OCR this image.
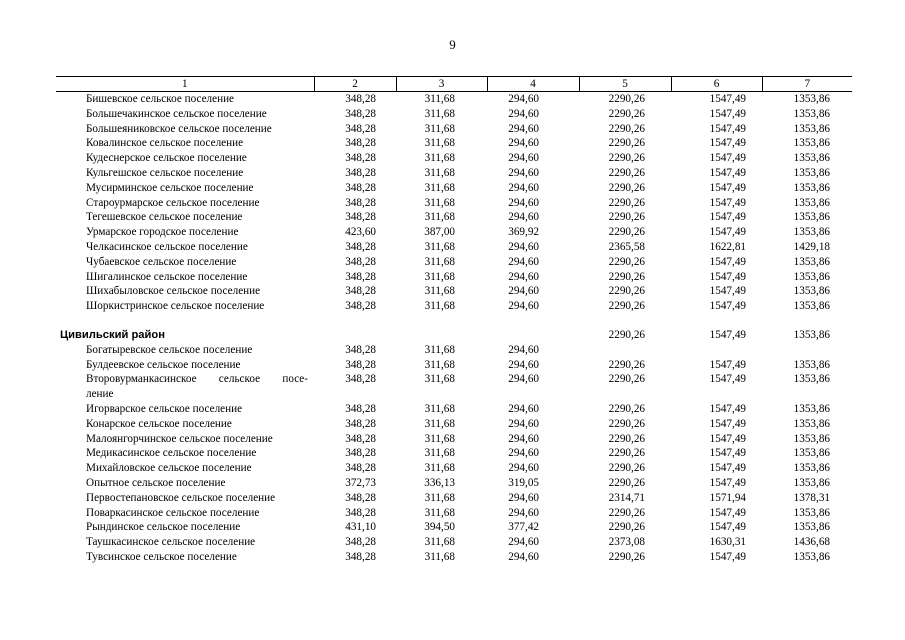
9
1	2	3	4	5	6	7
Бишевское сельское поселение	348,28	311,68	294,60	2290,26	1547,49	1353,86
Большечакинское сельское поселение	348,28	311,68	294,60	2290,26	1547,49	1353,86
Большеяниковское сельское поселение	348,28	311,68	294,60	2290,26	1547,49	1353,86
Ковалинское сельское поселение	348,28	311,68	294,60	2290,26	1547,49	1353,86
Кудеснерское сельское поселение	348,28	311,68	294,60	2290,26	1547,49	1353,86
Кульгешское сельское поселение	348,28	311,68	294,60	2290,26	1547,49	1353,86
Мусирминское сельское поселение	348,28	311,68	294,60	2290,26	1547,49	1353,86
Староурмарское сельское поселение	348,28	311,68	294,60	2290,26	1547,49	1353,86
Тегешевское сельское поселение	348,28	311,68	294,60	2290,26	1547,49	1353,86
Урмарское городское поселение	423,60	387,00	369,92	2290,26	1547,49	1353,86
Челкасинское сельское поселение	348,28	311,68	294,60	2365,58	1622,81	1429,18
Чубаевское сельское поселение	348,28	311,68	294,60	2290,26	1547,49	1353,86
Шигалинское сельское поселение	348,28	311,68	294,60	2290,26	1547,49	1353,86
Шихабыловское сельское поселение	348,28	311,68	294,60	2290,26	1547,49	1353,86
Шоркистринское сельское поселение	348,28	311,68	294,60	2290,26	1547,49	1353,86

Цивильский район				2290,26	1547,49	1353,86
Богатыревское сельское поселение	348,28	311,68	294,60			
Булдеевское сельское поселение	348,28	311,68	294,60	2290,26	1547,49	1353,86

Второвурманкасинское сельское посе-
ление	348,28	311,68	294,60	2290,26	1547,49	1353,86
Игорварское сельское поселение	348,28	311,68	294,60	2290,26	1547,49	1353,86
Конарское сельское поселение	348,28	311,68	294,60	2290,26	1547,49	1353,86
Малоянгорчинское сельское поселение	348,28	311,68	294,60	2290,26	1547,49	1353,86
Медикасинское сельское поселение	348,28	311,68	294,60	2290,26	1547,49	1353,86
Михайловское сельское поселение	348,28	311,68	294,60	2290,26	1547,49	1353,86
Опытное сельское поселение	372,73	336,13	319,05	2290,26	1547,49	1353,86
Первостепановское сельское поселение	348,28	311,68	294,60	2314,71	1571,94	1378,31
Поваркасинское сельское поселение	348,28	311,68	294,60	2290,26	1547,49	1353,86
Рындинское сельское поселение	431,10	394,50	377,42	2290,26	1547,49	1353,86
Таушкасинское сельское поселение	348,28	311,68	294,60	2373,08	1630,31	1436,68
Тувсинское сельское поселение	348,28	311,68	294,60	2290,26	1547,49	1353,86
